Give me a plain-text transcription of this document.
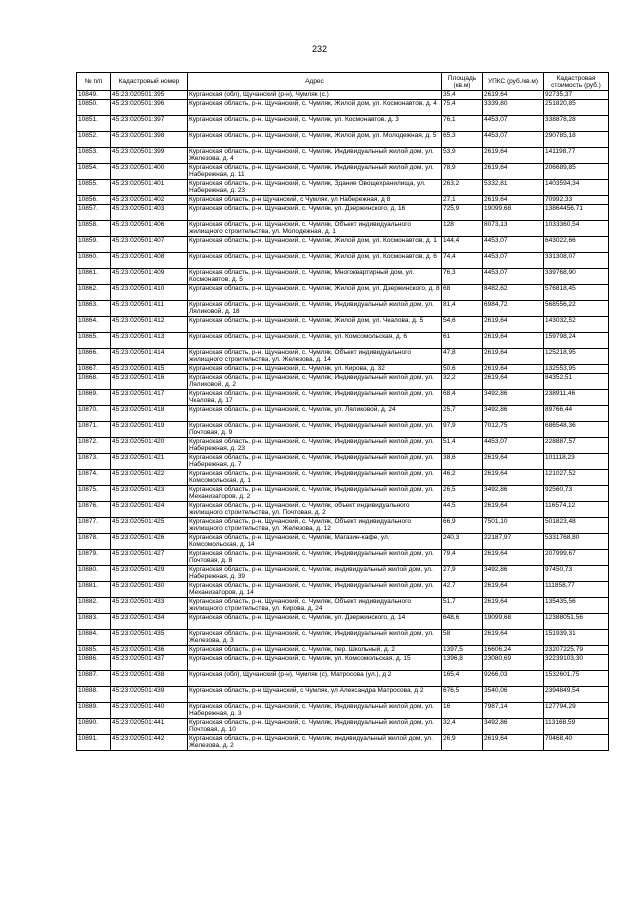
232
№ п/п	Кадастровый номер	Адрес	Площадь (кв.м)	УПКС (руб./кв.м)	Кадастровая стоимость (руб.)
10849.	45:23:020501:395	Курганская (обл), Щучанский (р-н), Чумляк (с.)	35,4	2619,64	92735,37
10850.	45:23:020501:396	Курганская область, р-н. Щучанский, с. Чумляк, Жилой дом, ул. Космонавтов, д. 4	75,4	3339,80	251820,85
10851.	45:23:020501:397	Курганская область, р-н. Щучанский, с. Чумляк, ул. Космонавтов, д. 3	76,1	4453,07	338878,28
10852.	45:23:020501:398	Курганская область, р-н. Щучанский, с. Чумляк, Жилой дом, ул. Молодежная, д. 5	65,3	4453,07	290785,18
10853.	45:23:020501:399	Курганская область, р-н. Щучанский, с. Чумляк, Индивидуальный жилой дом, ул. Железова, д. 4	53,9	2619,64	141198,77
10854.	45:23:020501:400	Курганская область, р-н. Щучанский, с. Чумляк, Индивидуальный жилой дом, ул. Набережная, д. 11	78,9	2619,64	206689,85
10855.	45:23:020501:401	Курганская область, р-н. Щучанский, с. Чумляк, Здание Овощехранилища, ул. Набережная, д. 23	263,2	5332,81	1403594,34
10856.	45:23:020501:402	Курганская область, р-н Щучанский, с Чумляк, ул Набережная, д 8	27,1	2619,64	70992,33
10857.	45:23:020501:403	Курганская область, р-н. Щучанский, с. Чумляк, ул. Дзержинского, д. 16	725,9	19099,68	13864456,71
10858.	45:23:020501:406	Курганская область, р-н. Щучанский, с. Чумляк, Объект индивидуального жилищного строительства, ул. Молодежная, д. 1	128	8073,13	1033360,54
10859.	45:23:020501:407	Курганская область, р-н. Щучанский, с. Чумляк, Жилой дом, ул. Космонавтов, д. 1	144,4	4453,07	643022,66
10860.	45:23:020501:408	Курганская область, р-н. Щучанский, с. Чумляк, Жилой дом, ул. Космонавтов, д. 6	74,4	4453,07	331308,07
10861.	45:23:020501:409	Курганская область, р-н. Щучанский, с. Чумляк, Многоквартирный дом, ул. Космонавтов, д. 5	76,3	4453,07	339768,90
10862.	45:23:020501:410	Курганская область, р-н. Щучанский, с. Чумляк, Жилой дом, ул. Дзержинского, д. 8	68	8482,62	576818,45
10863.	45:23:020501:411	Курганская область, р-н. Щучанский, с. Чумляк, Индивидуальный жилой дом, ул. Ляликовой, д. 18	81,4	6984,72	568556,22
10864.	45:23:020501:412	Курганская область, р-н. Щучанский, с. Чумляк, Жилой дом, ул. Чкалова, д. 5	54,6	2619,64	143032,52
10865.	45:23:020501:413	Курганская область, р-н. Щучанский, с. Чумляк, ул. Комсомольская, д. 6	61	2619,64	159798,24
10866.	45:23:020501:414	Курганская область, р-н. Щучанский, с. Чумляк, Объект индивидуального жилищного строительства, ул. Железова, д. 14	47,8	2619,64	125218,95
10867.	45:23:020501:415	Курганская область, р-н. Щучанский, с. Чумляк, ул. Кирова, д. 32	50,6	2619,64	132553,95
10868.	45:23:020501:416	Курганская область, р-н. Щучанский, с. Чумляк, Индивидуальный жилой дом, ул. Ляликовой, д. 2	32,2	2619,64	84352,51
10869.	45:23:020501:417	Курганская область, р-н. Щучанский, с. Чумляк, Индивидуальный жилой дом, ул. Чкалова, д. 17	68,4	3492,86	238911,46
10870.	45:23:020501:418	Курганская область, р-н. Щучанский, с. Чумляк, ул. Ляликовой, д. 24	25,7	3492,86	89766,44
10871.	45:23:020501:419	Курганская область, р-н. Щучанский, с. Чумляк, Индивидуальный жилой дом, ул. Почтовая, д. 9	97,9	7012,75	686548,36
10872.	45:23:020501:420	Курганская область, р-н. Щучанский, с. Чумляк, Индивидуальный жилой дом, ул. Набережная, д. 23	51,4	4453,07	228887,57
10873.	45:23:020501:421	Курганская область, р-н. Щучанский, с. Чумляк, Индивидуальный жилой дом, ул. Набережная, д. 7	38,6	2619,64	101118,23
10874.	45:23:020501:422	Курганская область, р-н. Щучанский, с. Чумляк, Индивидуальный жилой дом, ул. Комсомольская, д. 1	46,2	2619,64	121027,52
10875.	45:23:020501:423	Курганская область, р-н. Щучанский, с. Чумляк, Индивидуальный жилой дом, ул. Механизаторов, д. 2	26,5	3492,86	92560,73
10876.	45:23:020501:424	Курганская область, р-н. Щучанский, с. Чумляк, объект индивидуального жилищного строительства, ул. Почтовая, д. 2	44,5	2619,64	116574,12
10877.	45:23:020501:425	Курганская область, р-н. Щучанский, с. Чумляк, Объект индивидуального жилищного строительства, ул. Железова, д. 12	66,9	7501,10	501823,48
10878.	45:23:020501:426	Курганская область, р-н. Щучанский, с. Чумляк, Магазин-кафе, ул. Комсомольская, д. 14	240,3	22187,97	5331768,80
10879.	45:23:020501:427	Курганская область, р-н. Щучанский, с. Чумляк, Индивидуальный жилой дом, ул. Почтовая, д. 8	79,4	2619,64	207999,67
10880.	45:23:020501:429	Курганская область, р-н. Щучанский, с. Чумляк, индивидуальный жилой дом, ул. Набережная, д. 39	27,9	3492,86	97450,73
10881.	45:23:020501:430	Курганская область, р-н. Щучанский, с. Чумляк, Индивидуальный жилой дом, ул. Механизаторов, д. 14	42,7	2619,64	111858,77
10882.	45:23:020501:433	Курганская область, р-н. Щучанский, с. Чумляк, Объект индивидуального жилищного строительства, ул. Кирова, д. 24	51,7	2619,64	135435,56
10883.	45:23:020501:434	Курганская область, р-н. Щучанский, с. Чумляк, ул. Дзержинского, д. 14	648,6	19099,68	12388051,56
10884.	45:23:020501:435	Курганская область, р-н. Щучанский, с. Чумляк, Индивидуальный жилой дом, ул. Железова, д. 3	58	2619,64	151939,31
10885.	45:23:020501:436	Курганская область, р-н. Щучанский, с. Чумляк, пер. Школьный, д. 2	1397,5	16606,24	23207225,79
10886.	45:23:020501:437	Курганская область, р-н. Щучанский, с. Чумляк, ул. Комсомольская, д. 15	1396,8	23080,69	32239103,30
10887.	45:23:020501:438	Курганская (обл), Щучанский (р-н), Чумляк (с), Матросова (ул.), д 2	165,4	9266,03	1532601,75
10888.	45:23:020501:439	Курганская область, р-н Щучанский, с Чумляк, ул Александра Матросова, д 2	676,5	3540,06	2394849,54
10889.	45:23:020501:440	Курганская область, р-н. Щучанский, с. Чумляк, Индивидуальный жилой дом, ул. Набережная, д. 3	16	7987,14	127794,29
10890.	45:23:020501:441	Курганская область, р-н. Щучанский, с. Чумляк, Индивидуальный жилой дом, ул. Почтовая, д. 10	32,4	3492,86	113168,59
10891.	45:23:020501:442	Курганская область, р-н. Щучанский, с. Чумляк, индивидуальный жилой дом, ул. Железова, д. 2	26,9	2619,64	70468,40
